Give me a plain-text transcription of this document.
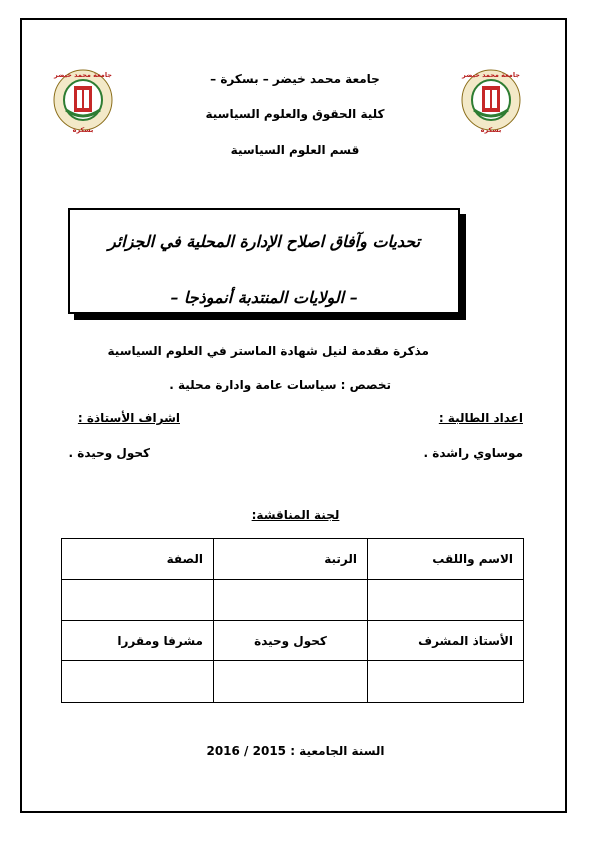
جامعة محمد خيضر
بسكرة
جامعة محمد خيضر
بسكرة
جامعة محمد خيضر – بسكرة –
كلية الحقوق والعلوم السياسية
قسم العلوم السياسية
تحديات وآفاق اصلاح الإدارة المحلية في الجزائر
– الولايات المنتدبة أنموذجا –
مذكرة مقدمة لنيل شهادة الماستر في العلوم السياسية
تخصص : سياسات عامة وادارة محلية .
اعداد الطالبة :
موساوي راشدة .
اشراف الأستاذة :
كحول وحيدة .
لجنة المناقشة:
الاسم واللقب	الرتبة	الصفة

الأستاذ المشرف	كحول وحيدة	مشرفا ومقررا

السنة الجامعية : 2015 / 2016
